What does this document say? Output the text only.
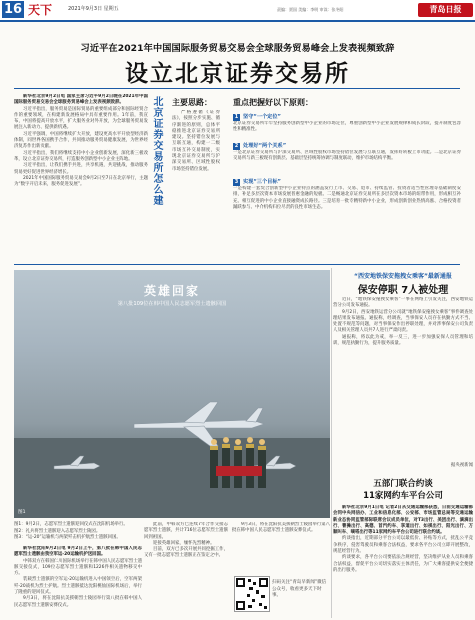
16 天下	2021年9月3日 星期五	责编：贾国 美编：李明 审读：张冬阳	青岛日报
习近平在2021年中国国际服务贸易交易会全球服务贸易峰会上发表视频致辞
设立北京证券交易所

新华社北京9月2日电 国家主席习近平9月2日晚在2021年中国国际服务贸易交易会全球服务贸易峰会上发表视频致辞。

习近平指出，服务贸易是国际贸易的重要组成部分和国际经贸合作的重要领域，在构建新发展格局中具有重要作用。1年前，我宣布，中国将提高开放水平，扩大服务业对外开放，为全球服务贸易发展注入新动力、提供新机遇。

习近平强调，中国将继续扩大开放，建设更高水平开放型经济新体制，同世界各国携手合作，共同推动服务贸易健康发展，为世界经济复苏作出新贡献。

习近平指出，我们将继续支持中小企业创新发展，深化新三板改革，设立北京证券交易所，打造服务创新型中小企业主阵地。

习近平指出，让我们携手共进，共享机遇，共迎挑战，推动服务贸易更好促进世界经济增长。

2021年中国国际服务贸易交易会9月2日至7日在北京举行，主题为“数字开启未来，服务促进发展”。	北京证券交易所怎么建 主要思路：

严格遵循《证券法》，按照分步实施、循序渐进的原则，总体平稳推进北京证券交易所建设。坚持错位发展与互联互通，构建一二级市场互补交易制度，实现北京证券交易所与沪深交易所、区域性股权市场坚持错位发展。

重点把握好以下原则：
1 坚守“一个定位”

北京证券交易所牢牢坚持服务创新型中小企业的市场定位，尊重创新型中小企业发展规律和成长阶段，提升制度包容性和精准性。

2 处理好“两个关系”

一是北京证券交易所与沪深交易所、区域性股权市场坚持错位发展与互联互通，发挥好转板上市功能。二是北京证券交易所与新三板现有创新层、基础层坚持统筹协调与制度联动，维护市场结构平衡。

3 实现“三个目标”

一是构建一套契合创新型中小企业特点的涵盖发行上市、交易、退市、持续监管、投资者适当性管理等基础制度安排，补足多层次资本市场发展普惠金融的短板。二是畅通北京证券交易所在多层次资本市场的纽带作用，形成相互补充、相互促进的中小企业直接融资成长路径。三是培育一批专精特新中小企业，形成创新创业热情高涨、合格投资者踊跃参与、中介机构归位尽责的良性市场生态。

英雄回家
第八批109位在韩中国人民志愿军烈士遗骸回国
图1

图1：9月2日，志愿军烈士遗骸迎回仪式在沈阳机场举行。

图2：礼兵将烈士遗骸迎入志愿军烈士陵园。

图3：“运-20”运输机与两架歼击机护航烈士遗骸回国。

新华社沈阳9月2日电 9月2日上午，第八批在韩中国人民志愿军烈士遗骸由我空军运-20运输机护送回国。

中韩双方在韩国仁川国际机场举行在韩中国人民志愿军烈士遗骸交接仪式，109位志愿军烈士遗骸和1226件相关遗物移交中方。

装载烈士遗骸的空军运-20运输机进入中国领空后，空军两架歼-20战机为烈士护航。烈士遗骸抵达沈阳桃仙国际机场后，举行了隆重的迎回仪式。

9月3日，将在沈阳抗美援朝烈士陵园举行第八批在韩中国人民志愿军烈士遗骸安葬仪式。

此前，中韩双方已连续7年合作交接志愿军烈士遗骸，共计716位志愿军烈士遗骸回到祖国。

迎接英雄回家，缅怀先烈精神。

目前，双方已多次开展共同挖掘工作，又有一批志愿军烈士遗骸正在鉴定之中。

9月3日，将在沈阳抗美援朝烈士陵园举行第八批在韩中国人民志愿军烈士遗骸安葬仪式。

扫码关注“青岛早新闻”微信公众号，收看更多天下时事。
“西安地铁保安拖拽女乘客”最新通报
保安停职 7人被处理

近日，“地铁保安拖拽女乘客”一事在网络上引发关注，西安地铁运营分公司发布通报。

9月2日，西安地铁运营分公司就“地铁保安拖拽女乘客”事件调查处理结果发布通报。通报称，经调查，当事保安人员存在执勤方式不当、处置不规范等问题，对当事保安作出停职处理，并对涉事保安公司负责人及相关管理人员共7人进行严肃问责。

通报称，将以此为戒，举一反三，进一步加强安保人员管理和培训，规范执勤行为，提升服务质量。

据央视新闻
五部门联合约谈
11家网约车平台公司

新华社北京9月1日电 记者2日从交通运输部获悉，日前交通运输部会同中央网信办、工业和信息化部、公安部、市场监管总局等交通运输新业态协同监管部际联席会议成员单位，对T3出行、美团出行、滴滴出行、曹操出行、高德、首汽约车、享道出行、如祺出行、阳光出行、万顺叫车、嘀嗒出行等11家网约车平台公司进行联合约谈。

约谈指出，近期部分平台公司以最低价、补贴等方式，扰乱公平竞争秩序，侵害驾驶员和乘客合法权益，要求各平台公司立即开展整改，规范经营行为。

约谈要求，各平台公司要依法合规经营，坚决维护从业人员和乘客合法权益，督促平台公司切实落实主体责任，为广大乘客提供安全便捷的出行服务。
